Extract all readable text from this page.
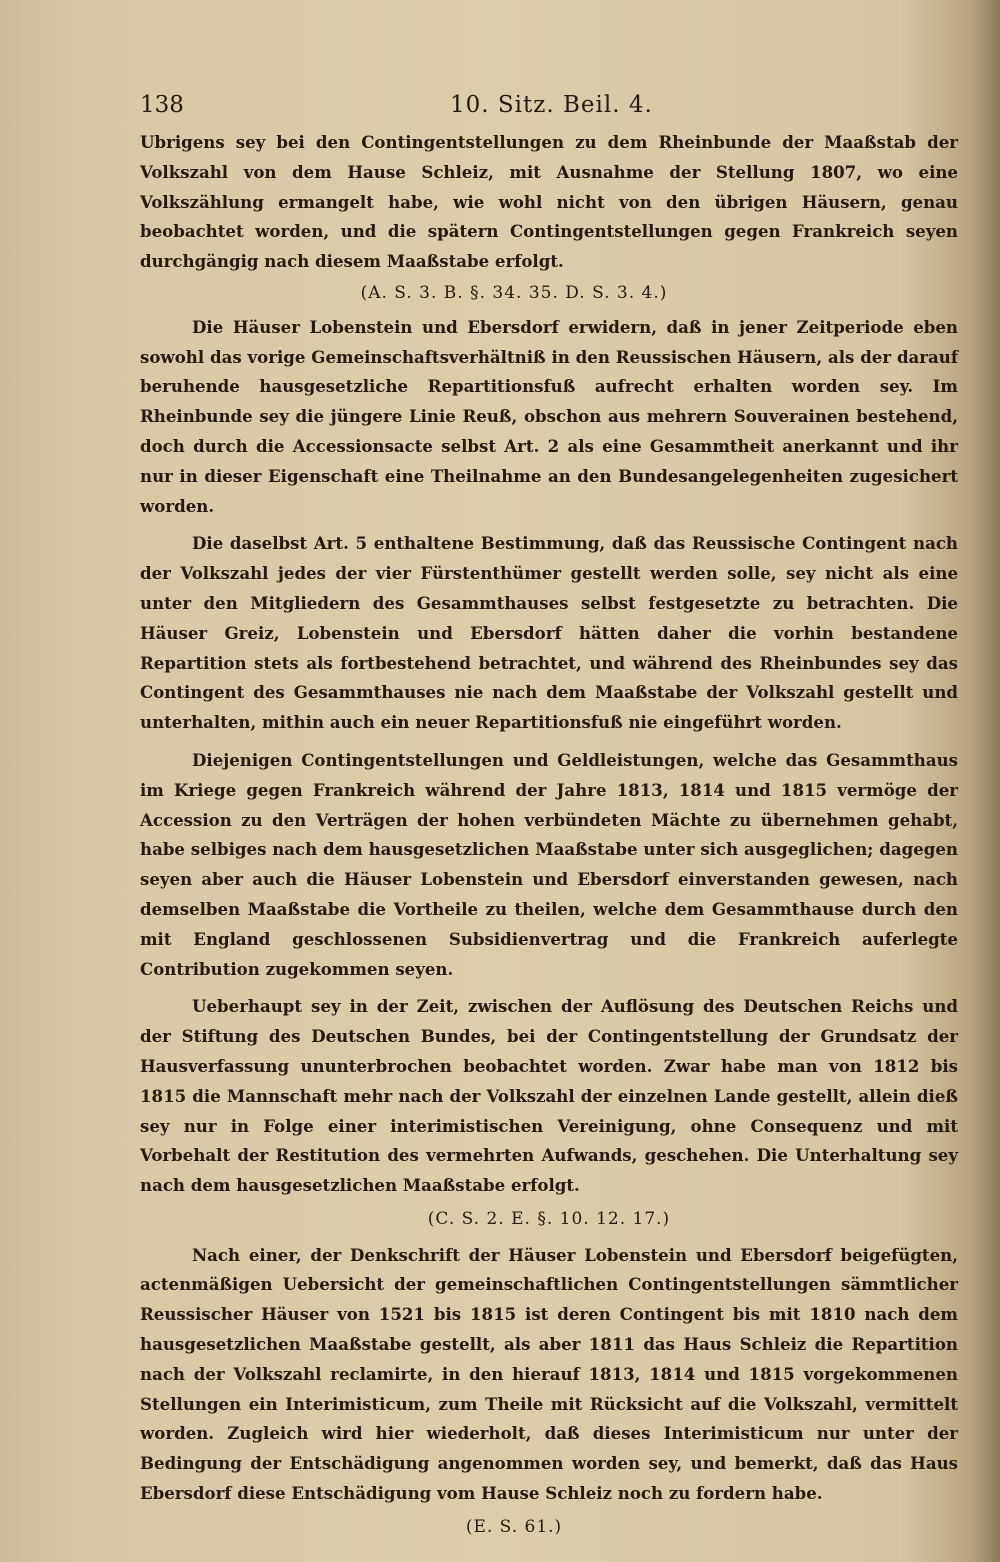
138	10. Sitz. Beil. 4.

Ubrigens sey bei den Contingentstellungen zu dem Rheinbunde der Maaßstab der Volkszahl von dem Hause Schleiz, mit Ausnahme der Stellung 1807, wo eine Volkszählung ermangelt habe, wie wohl nicht von den übrigen Häusern, genau beobachtet worden, und die spätern Contingentstellungen gegen Frankreich seyen durchgängig nach diesem Maaßstabe erfolgt.

(A. S. 3. B. §. 34. 35. D. S. 3. 4.)

Die Häuser Lobenstein und Ebersdorf erwidern, daß in jener Zeitperiode eben sowohl das vorige Gemeinschaftsverhältniß in den Reussischen Häusern, als der darauf beruhende hausgesetzliche Repartitionsfuß aufrecht erhalten worden sey. Im Rheinbunde sey die jüngere Linie Reuß, obschon aus mehrern Souverainen bestehend, doch durch die Accessionsacte selbst Art. 2 als eine Gesammtheit anerkannt und ihr nur in dieser Eigenschaft eine Theilnahme an den Bundesangelegenheiten zugesichert worden.

Die daselbst Art. 5 enthaltene Bestimmung, daß das Reussische Contingent nach der Volkszahl jedes der vier Fürstenthümer gestellt werden solle, sey nicht als eine unter den Mitgliedern des Gesammthauses selbst festgesetzte zu betrachten. Die Häuser Greiz, Lobenstein und Ebersdorf hätten daher die vorhin bestandene Repartition stets als fortbestehend betrachtet, und während des Rheinbundes sey das Contingent des Gesammthauses nie nach dem Maaßstabe der Volkszahl gestellt und unterhalten, mithin auch ein neuer Repartitionsfuß nie eingeführt worden.

Diejenigen Contingentstellungen und Geldleistungen, welche das Gesammthaus im Kriege gegen Frankreich während der Jahre 1813, 1814 und 1815 vermöge der Accession zu den Verträgen der hohen verbündeten Mächte zu übernehmen gehabt, habe selbiges nach dem hausgesetzlichen Maaßstabe unter sich ausgeglichen; dagegen seyen aber auch die Häuser Lobenstein und Ebersdorf einverstanden gewesen, nach demselben Maaßstabe die Vortheile zu theilen, welche dem Gesammthause durch den mit England geschlossenen Subsidienvertrag und die Frankreich auferlegte Contribution zugekommen seyen.

Ueberhaupt sey in der Zeit, zwischen der Auflösung des Deutschen Reichs und der Stiftung des Deutschen Bundes, bei der Contingentstellung der Grundsatz der Hausverfassung ununterbrochen beobachtet worden. Zwar habe man von 1812 bis 1815 die Mannschaft mehr nach der Volkszahl der einzelnen Lande gestellt, allein dieß sey nur in Folge einer interimistischen Vereinigung, ohne Consequenz und mit Vorbehalt der Restitution des vermehrten Aufwands, geschehen. Die Unterhaltung sey nach dem hausgesetzlichen Maaßstabe erfolgt.

(C. S. 2. E. §. 10. 12. 17.)

Nach einer, der Denkschrift der Häuser Lobenstein und Ebersdorf beigefügten, actenmäßigen Uebersicht der gemeinschaftlichen Contingentstellungen sämmtlicher Reussischer Häuser von 1521 bis 1815 ist deren Contingent bis mit 1810 nach dem hausgesetzlichen Maaßstabe gestellt, als aber 1811 das Haus Schleiz die Repartition nach der Volkszahl reclamirte, in den hierauf 1813, 1814 und 1815 vorgekommenen Stellungen ein Interimisticum, zum Theile mit Rücksicht auf die Volkszahl, vermittelt worden. Zugleich wird hier wiederholt, daß dieses Interimisticum nur unter der Bedingung der Entschädigung angenommen worden sey, und bemerkt, daß das Haus Ebersdorf diese Entschädigung vom Hause Schleiz noch zu fordern habe.

(E. S. 61.)
